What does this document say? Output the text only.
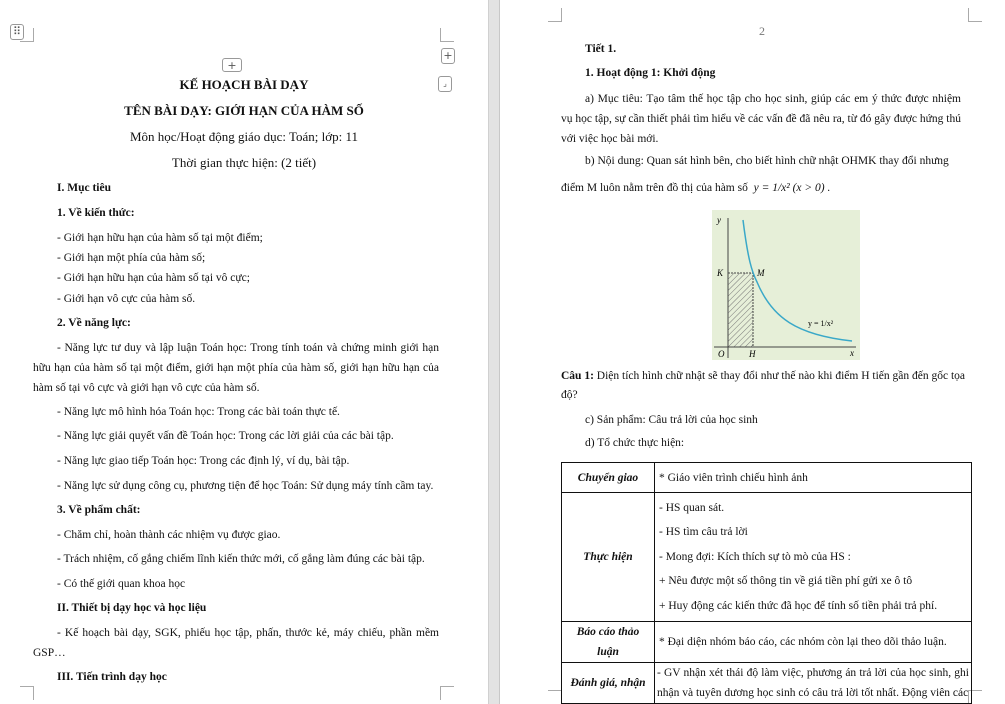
⠿
+
⌟
+
KẾ HOẠCH BÀI DẠY
TÊN BÀI DẠY: GIỚI HẠN CỦA HÀM SỐ
Môn học/Hoạt động giáo dục: Toán; lớp: 11
Thời gian thực hiện: (2 tiết)
I. Mục tiêu
1. Về kiến thức:
- Giới hạn hữu hạn của hàm số tại một điểm;
- Giới hạn một phía của hàm số;
- Giới hạn hữu hạn của hàm số tại vô cực;
- Giới hạn vô cực của hàm số.
2. Về năng lực:
- Năng lực tư duy và lập luận Toán học: Trong tính toán và chứng minh giới hạn hữu hạn của hàm số tại một điểm, giới hạn một phía của hàm số, giới hạn hữu hạn của hàm số tại vô cực và giới hạn vô cực của hàm số.
- Năng lực mô hình hóa Toán học: Trong các bài toán thực tế.
- Năng lực giải quyết vấn đề Toán học: Trong các lời giải của các bài tập.
- Năng lực giao tiếp Toán học: Trong các định lý, ví dụ, bài tập.
- Năng lực sử dụng công cụ, phương tiện để học Toán: Sử dụng máy tính cầm tay.
3. Về phẩm chất:
- Chăm chỉ, hoàn thành các nhiệm vụ được giao.
- Trách nhiệm, cố gắng chiếm lĩnh kiến thức mới, cố gắng làm đúng các bài tập.
- Có thế giới quan khoa học
II. Thiết bị dạy học và học liệu
- Kế hoạch bài dạy, SGK, phiếu học tập, phấn, thước kẻ, máy chiếu, phần mềm GSP…
III. Tiến trình dạy học
2
Tiết 1.
1. Hoạt động 1: Khởi động
a) Mục tiêu: Tạo tâm thế học tập cho học sinh, giúp các em ý thức được nhiệm vụ học tập, sự cần thiết phải tìm hiểu về các vấn đề đã nêu ra, từ đó gây được hứng thú với việc học bài mới.
b) Nội dung: Quan sát hình bên, cho biết hình chữ nhật OHMK thay đổi nhưng
điểm M luôn nằm trên đồ thị của hàm số y = 1/x² (x > 0) .
Câu 1: Diện tích hình chữ nhật sẽ thay đổi như thế nào khi điểm H tiến gần đến gốc tọa độ?
c) Sản phẩm: Câu trả lời của học sinh
d) Tổ chức thực hiện:
y
x
O
K	M
H
y = 1/x²
Chuyển giao	* Giáo viên trình chiếu hình ảnh

Thực hiện	- HS quan sát.
- HS tìm câu trả lời
- Mong đợi: Kích thích sự tò mò của HS :
+ Nêu được một số thông tin về giá tiền phí gửi xe ô tô
+ Huy động các kiến thức đã học để tính số tiền phải trả phí.

Báo cáo thảo luận	* Đại diện nhóm báo cáo, các nhóm còn lại theo dõi thảo luận.

Đánh giá, nhận	- GV nhận xét thái độ làm việc, phương án trả lời của học sinh, ghi nhận và tuyên dương học sinh có câu trả lời tốt nhất. Động viên các
